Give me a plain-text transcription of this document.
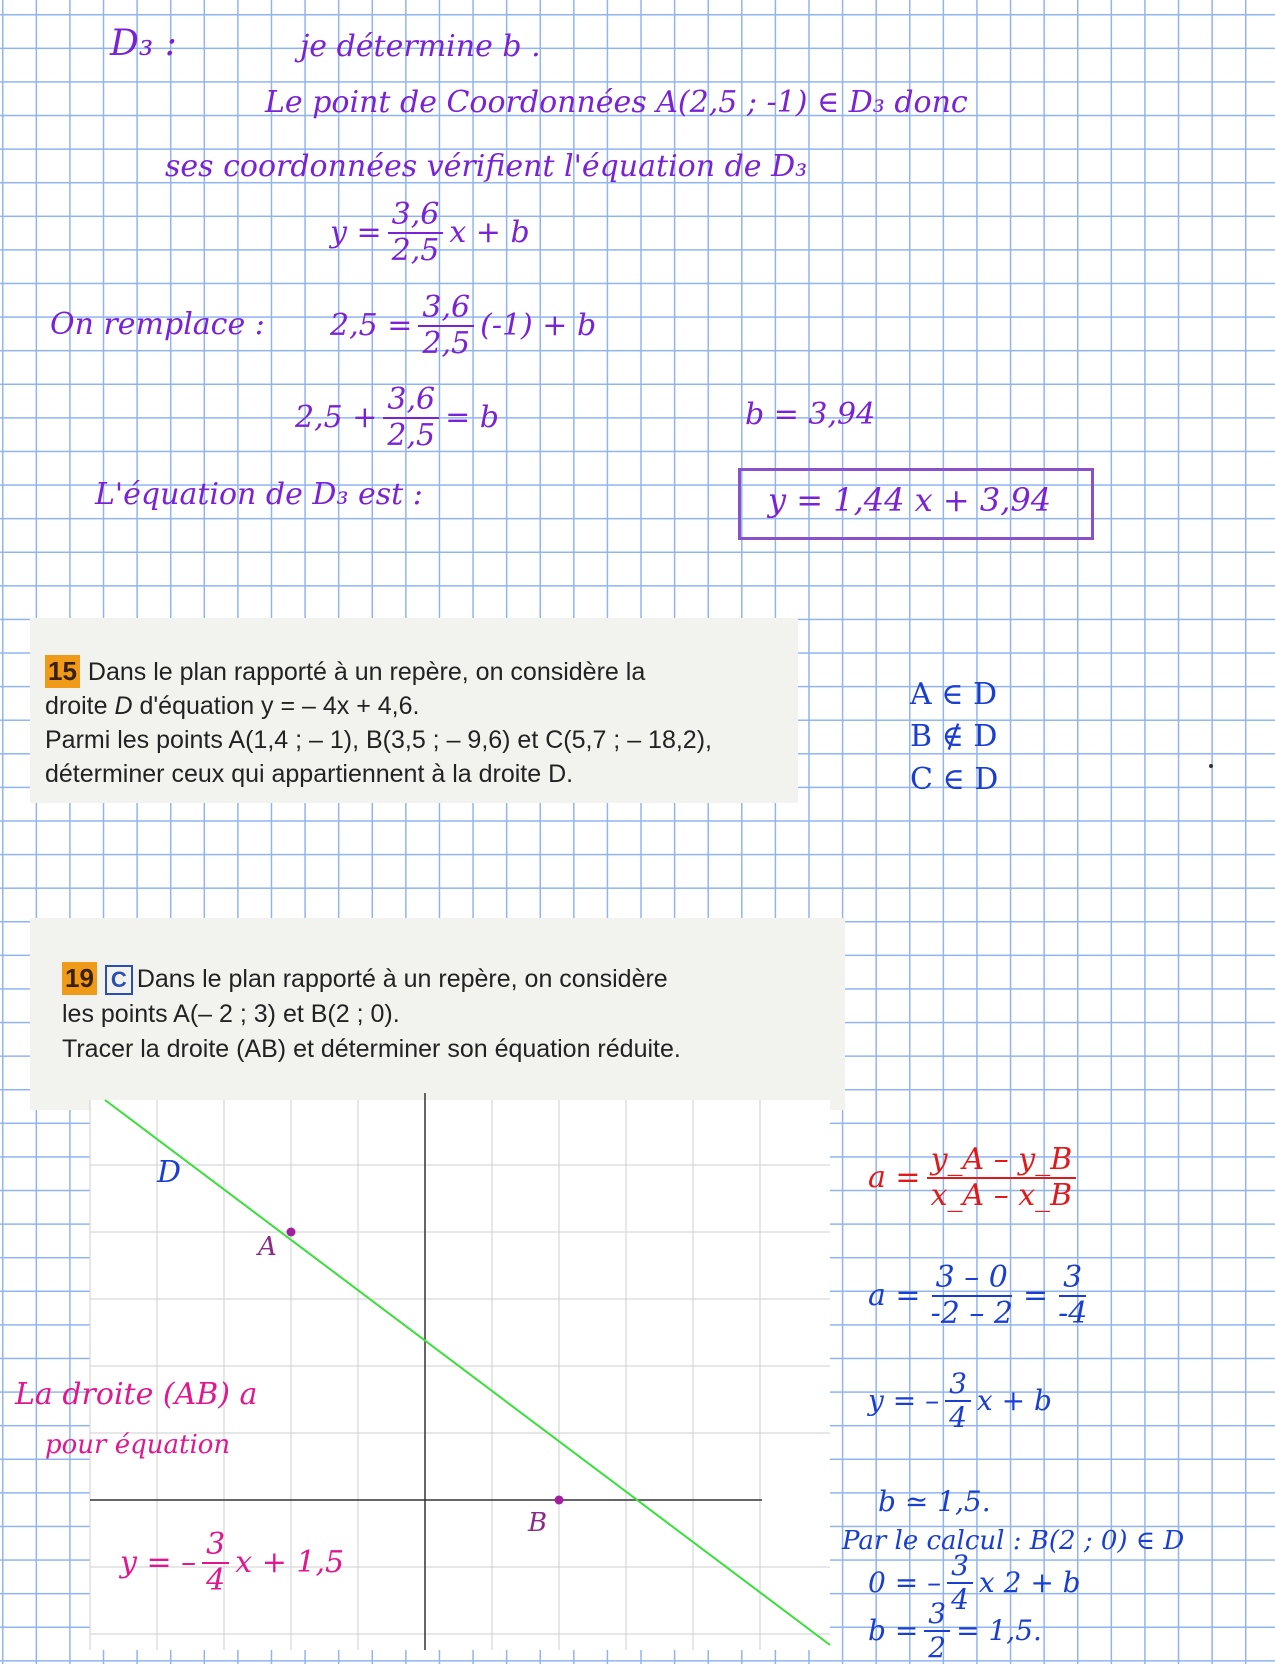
D₃ :	je détermine b .
Le point de Coordonnées A(2,5 ; -1) ∈ D₃ donc
ses coordonnées vérifient l'équation de D₃
$y = \frac{3,6}{2,5}$ x + b
On remplace : $2,5 = \frac{3,6}{2,5} (-1) + b$
$2,5 + \frac{3,6}{2,5} = b$	b = 3,94
L'équation de D₃ est :	y = 1,44 x + 3,94
15 Dans le plan rapporté à un repère, on considère la
droite D d'équation y = – 4x + 4,6.
Parmi les points A(1,4 ; – 1), B(3,5 ; – 9,6) et C(5,7 ; – 18,2),
déterminer ceux qui appartiennent à la droite D.
A ∈ D
B ∉ D
C ∈ D
19 C Dans le plan rapporté à un repère, on considère
les points A(– 2 ; 3) et B(2 ; 0).
Tracer la droite (AB) et déterminer son équation réduite.
D
A
B
La droite (AB) a
pour équation
y = – $\frac{3}{4}$ x + 1,5
$a = \frac{y\_A - y\_B}{x\_A - x\_B}$
$a = \frac{3 - 0}{-2 - 2} = \frac{3}{-4}$
y = – $\frac{3}{4}$ x + b
b ≃ 1,5.
Par le calcul : B(2 ; 0) ∈ D
0 = – $\frac{3}{4}$ x 2 + b
$b = \frac{3}{2} = 1,5$.
